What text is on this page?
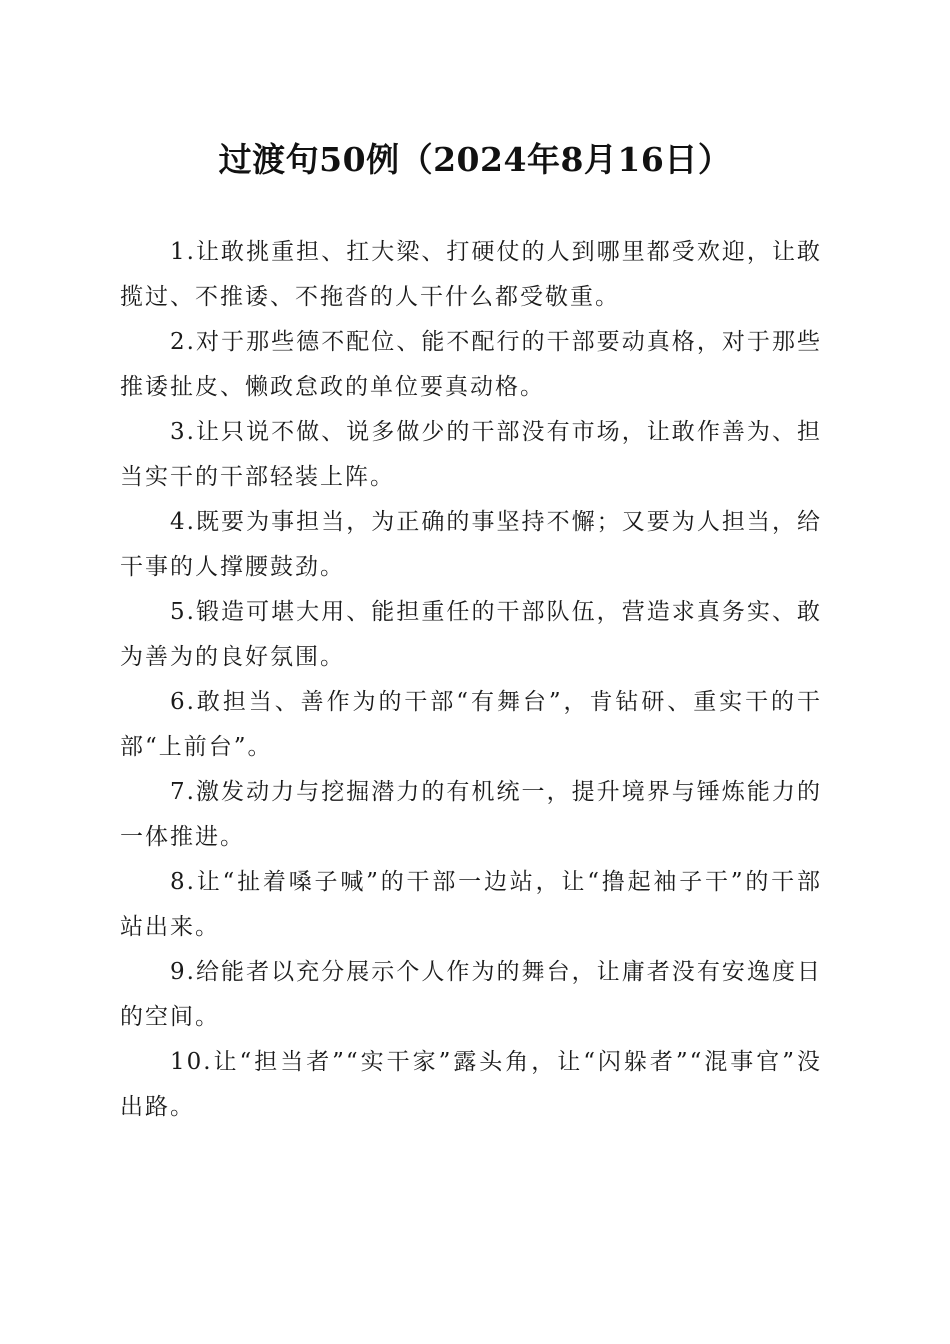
过渡句50例（2024年8月16日）

1.让敢挑重担、扛大梁、打硬仗的人到哪里都受欢迎，让敢揽过、不推诿、不拖沓的人干什么都受敬重。

2.对于那些德不配位、能不配行的干部要动真格，对于那些推诿扯皮、懒政怠政的单位要真动格。

3.让只说不做、说多做少的干部没有市场，让敢作善为、担当实干的干部轻装上阵。

4.既要为事担当，为正确的事坚持不懈；又要为人担当，给干事的人撑腰鼓劲。

5.锻造可堪大用、能担重任的干部队伍，营造求真务实、敢为善为的良好氛围。

6.敢担当、善作为的干部“有舞台”，肯钻研、重实干的干部“上前台”。

7.激发动力与挖掘潜力的有机统一，提升境界与锤炼能力的一体推进。

8.让“扯着嗓子喊”的干部一边站，让“撸起袖子干”的干部站出来。

9.给能者以充分展示个人作为的舞台，让庸者没有安逸度日的空间。

10.让“担当者”“实干家”露头角，让“闪躲者”“混事官”没出路。
